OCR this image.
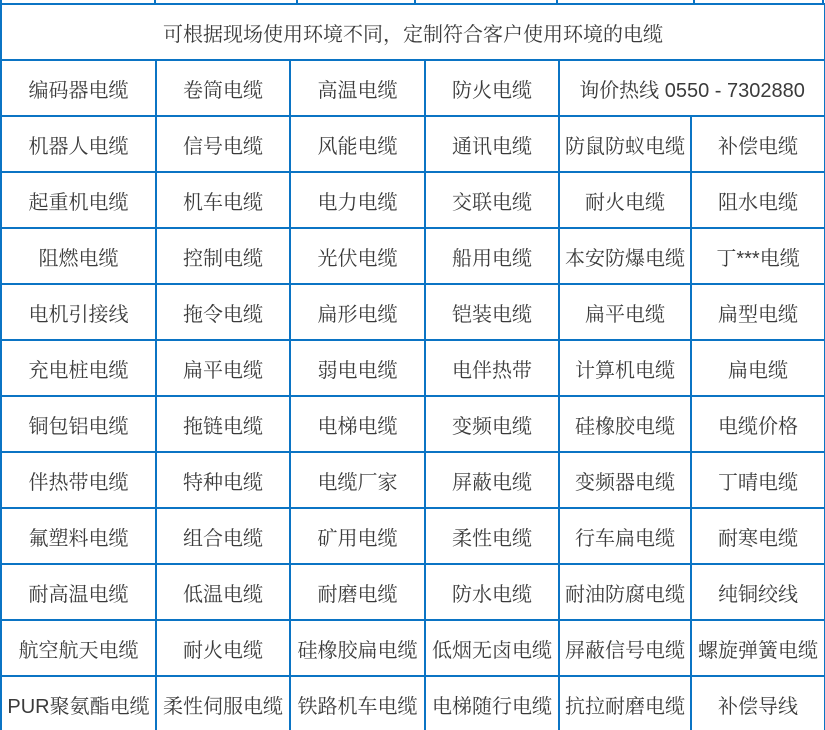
可根据现场使用环境不同，定制符合客户使用环境的电缆					
编码器电缆	卷筒电缆	高温电缆	防火电缆	询价热线 0550 - 7302880	
机器人电缆	信号电缆	风能电缆	通讯电缆	防鼠防蚁电缆	补偿电缆
起重机电缆	机车电缆	电力电缆	交联电缆	耐火电缆	阻水电缆
阻燃电缆	控制电缆	光伏电缆	船用电缆	本安防爆电缆	丁***电缆
电机引接线	拖令电缆	扁形电缆	铠装电缆	扁平电缆	扁型电缆
充电桩电缆	扁平电缆	弱电电缆	电伴热带	计算机电缆	扁电缆
铜包铝电缆	拖链电缆	电梯电缆	变频电缆	硅橡胶电缆	电缆价格
伴热带电缆	特种电缆	电缆厂家	屏蔽电缆	变频器电缆	丁晴电缆
氟塑料电缆	组合电缆	矿用电缆	柔性电缆	行车扁电缆	耐寒电缆
耐高温电缆	低温电缆	耐磨电缆	防水电缆	耐油防腐电缆	纯铜绞线
航空航天电缆	耐火电缆	硅橡胶扁电缆	低烟无卤电缆	屏蔽信号电缆	螺旋弹簧电缆
PUR聚氨酯电缆	柔性伺服电缆	铁路机车电缆	电梯随行电缆	抗拉耐磨电缆	补偿导线
